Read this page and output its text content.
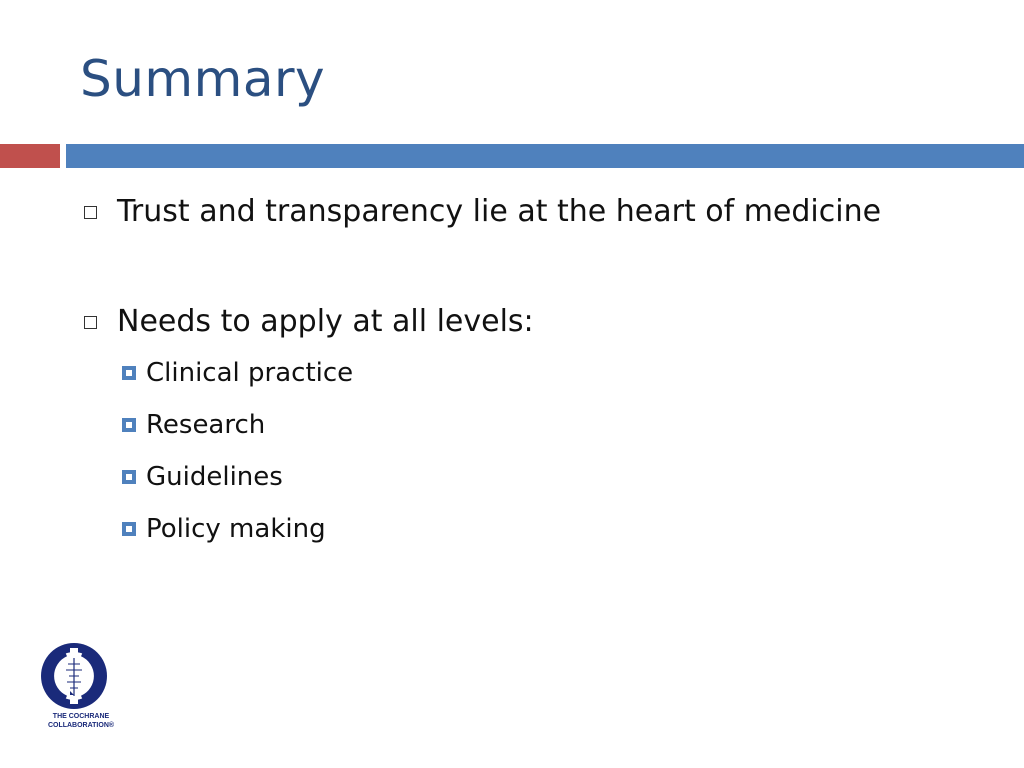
Summary
Trust and transparency lie at the heart of medicine
Needs to apply at all levels:
Clinical practice
Research
Guidelines
Policy making
THE COCHRANE
COLLABORATION®
